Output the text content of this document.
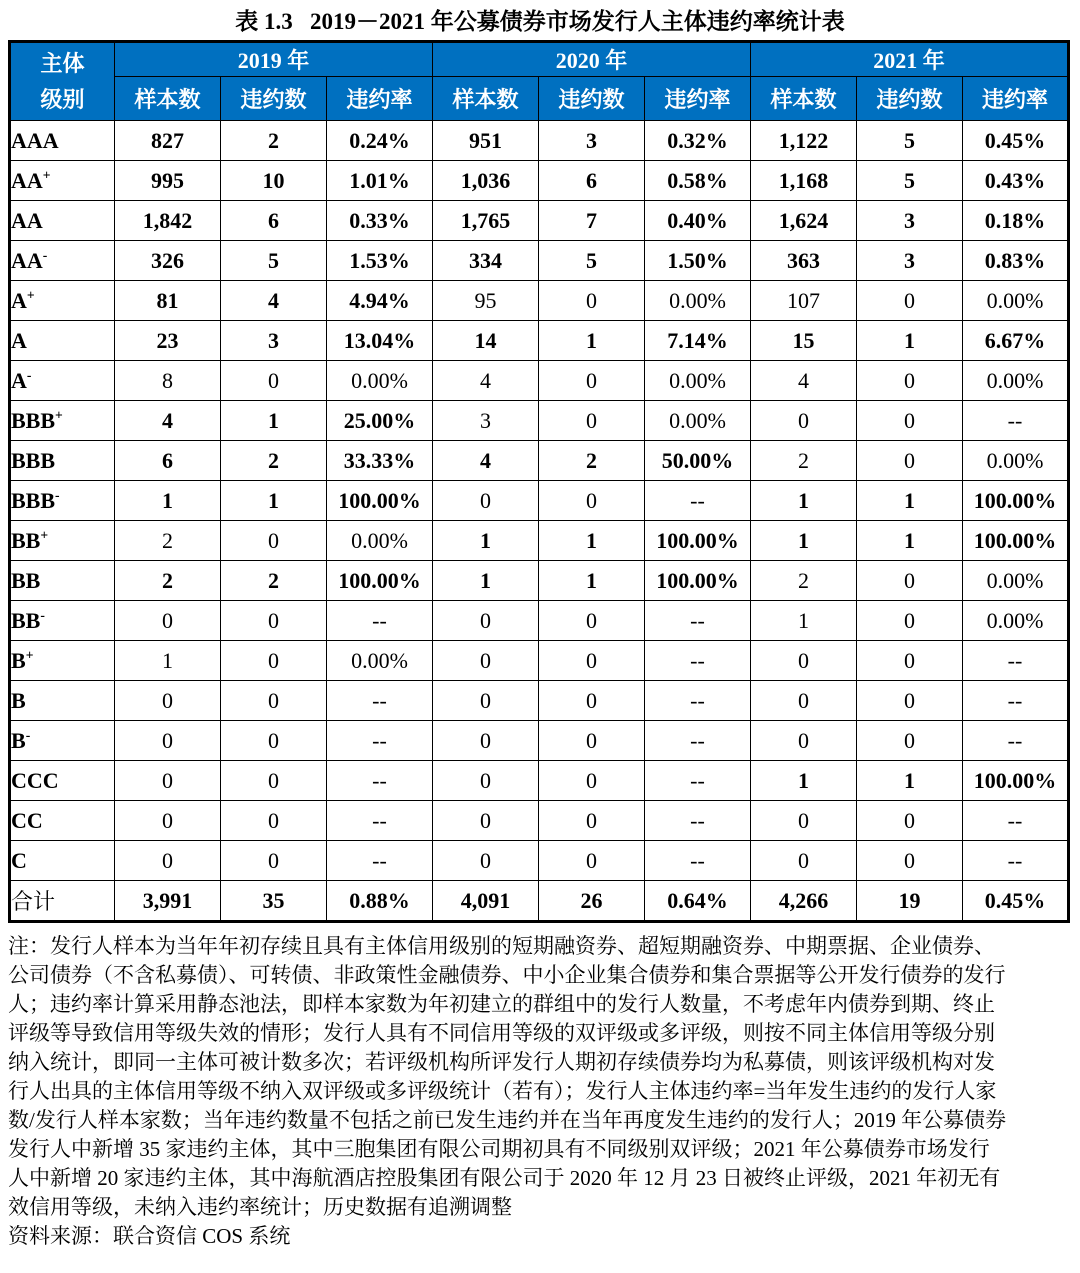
表 1.3   2019－2021 年公募债券市场发行人主体违约率统计表
主体
级别	2019 年			2020 年			2021 年		
	样本数	违约数	违约率	样本数	违约数	违约率	样本数	违约数	违约率
AAA	827	2	0.24%	951	3	0.32%	1,122	5	0.45%
AA+	995	10	1.01%	1,036	6	0.58%	1,168	5	0.43%
AA	1,842	6	0.33%	1,765	7	0.40%	1,624	3	0.18%
AA-	326	5	1.53%	334	5	1.50%	363	3	0.83%
A+	81	4	4.94%	95	0	0.00%	107	0	0.00%
A	23	3	13.04%	14	1	7.14%	15	1	6.67%
A-	8	0	0.00%	4	0	0.00%	4	0	0.00%
BBB+	4	1	25.00%	3	0	0.00%	0	0	--
BBB	6	2	33.33%	4	2	50.00%	2	0	0.00%
BBB-	1	1	100.00%	0	0	--	1	1	100.00%
BB+	2	0	0.00%	1	1	100.00%	1	1	100.00%
BB	2	2	100.00%	1	1	100.00%	2	0	0.00%
BB-	0	0	--	0	0	--	1	0	0.00%
B+	1	0	0.00%	0	0	--	0	0	--
B	0	0	--	0	0	--	0	0	--
B-	0	0	--	0	0	--	0	0	--
CCC	0	0	--	0	0	--	1	1	100.00%
CC	0	0	--	0	0	--	0	0	--
C	0	0	--	0	0	--	0	0	--
合计	3,991	35	0.88%	4,091	26	0.64%	4,266	19	0.45%
注：发行人样本为当年年初存续且具有主体信用级别的短期融资券、超短期融资券、中期票据、企业债券、
公司债券（不含私募债）、可转债、非政策性金融债券、中小企业集合债券和集合票据等公开发行债券的发行
人；违约率计算采用静态池法，即样本家数为年初建立的群组中的发行人数量，不考虑年内债券到期、终止
评级等导致信用等级失效的情形；发行人具有不同信用等级的双评级或多评级，则按不同主体信用等级分别
纳入统计，即同一主体可被计数多次；若评级机构所评发行人期初存续债券均为私募债，则该评级机构对发
行人出具的主体信用等级不纳入双评级或多评级统计（若有）；发行人主体违约率=当年发生违约的发行人家
数/发行人样本家数；当年违约数量不包括之前已发生违约并在当年再度发生违约的发行人；2019 年公募债券
发行人中新增 35 家违约主体，其中三胞集团有限公司期初具有不同级别双评级；2021 年公募债券市场发行
人中新增 20 家违约主体，其中海航酒店控股集团有限公司于 2020 年 12 月 23 日被终止评级，2021 年初无有
效信用等级，未纳入违约率统计；历史数据有追溯调整
资料来源：联合资信 COS 系统
